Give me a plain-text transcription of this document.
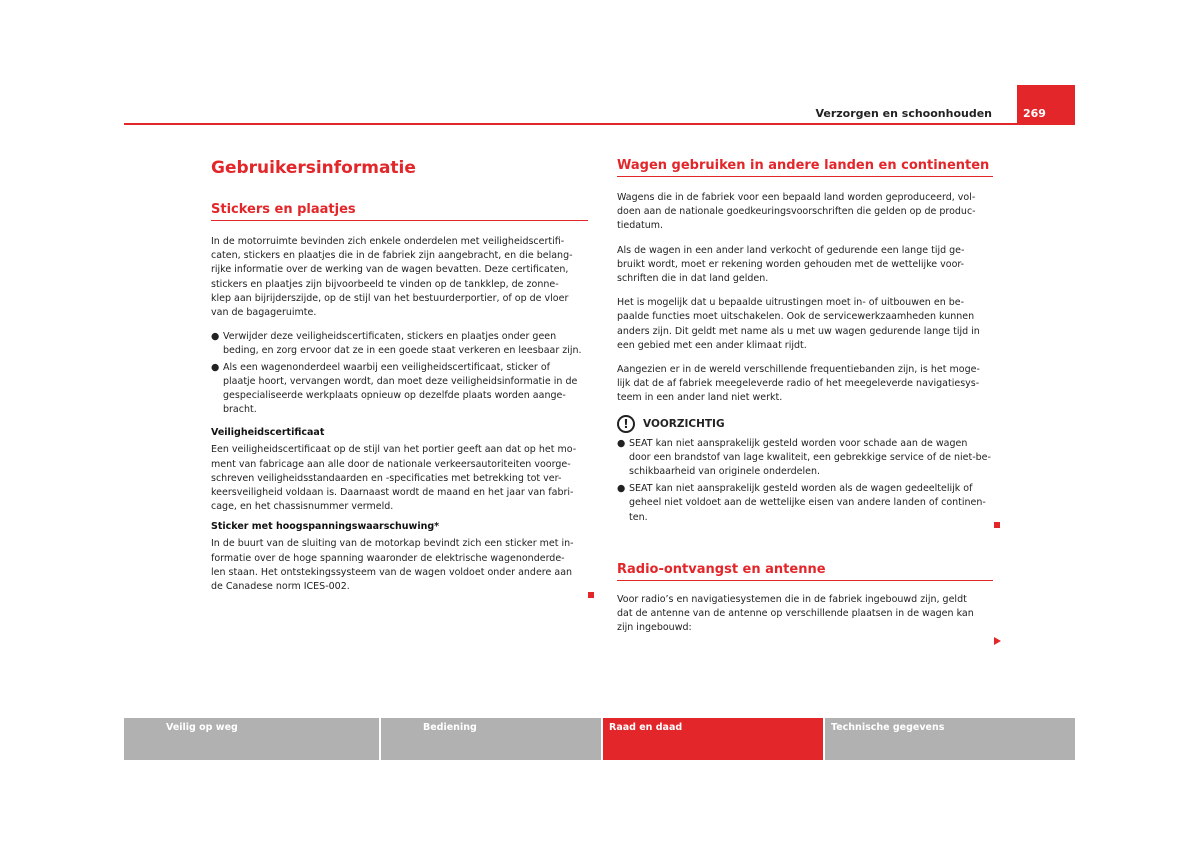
Verzorgen en schoonhouden	269
Gebruikersinformatie
Stickers en plaatjes

In de motorruimte bevinden zich enkele onderdelen met veiligheidscertifi-
caten, stickers en plaatjes die in de fabriek zijn aangebracht, en die belang-
rijke informatie over de werking van de wagen bevatten. Deze certificaten,
stickers en plaatjes zijn bijvoorbeeld te vinden op de tankklep, de zonne-
klep aan bijrijderszijde, op de stijl van het bestuurderportier, of op de vloer
van de bagageruimte.

● Verwijder deze veiligheidscertificaten, stickers en plaatjes onder geen
beding, en zorg ervoor dat ze in een goede staat verkeren en leesbaar zijn.

● Als een wagenonderdeel waarbij een veiligheidscertificaat, sticker of
plaatje hoort, vervangen wordt, dan moet deze veiligheidsinformatie in de
gespecialiseerde werkplaats opnieuw op dezelfde plaats worden aange-
bracht.

Veiligheidscertificaat

Een veiligheidscertificaat op de stijl van het portier geeft aan dat op het mo-
ment van fabricage aan alle door de nationale verkeersautoriteiten voorge-
schreven veiligheidsstandaarden en -specificaties met betrekking tot ver-
keersveiligheid voldaan is. Daarnaast wordt de maand en het jaar van fabri-
cage, en het chassisnummer vermeld.

Sticker met hoogspanningswaarschuwing*

In de buurt van de sluiting van de motorkap bevindt zich een sticker met in-
formatie over de hoge spanning waaronder de elektrische wagenonderde-
len staan. Het ontstekingssysteem van de wagen voldoet onder andere aan
de Canadese norm ICES-002.

Wagen gebruiken in andere landen en continenten

Wagens die in de fabriek voor een bepaald land worden geproduceerd, vol-
doen aan de nationale goedkeuringsvoorschriften die gelden op de produc-
tiedatum.

Als de wagen in een ander land verkocht of gedurende een lange tijd ge-
bruikt wordt, moet er rekening worden gehouden met de wettelijke voor-
schriften die in dat land gelden.

Het is mogelijk dat u bepaalde uitrustingen moet in- of uitbouwen en be-
paalde functies moet uitschakelen. Ook de servicewerkzaamheden kunnen
anders zijn. Dit geldt met name als u met uw wagen gedurende lange tijd in
een gebied met een ander klimaat rijdt.

Aangezien er in de wereld verschillende frequentiebanden zijn, is het moge-
lijk dat de af fabriek meegeleverde radio of het meegeleverde navigatiesys-
teem in een ander land niet werkt.

!	VOORZICHTIG

● SEAT kan niet aansprakelijk gesteld worden voor schade aan de wagen
door een brandstof van lage kwaliteit, een gebrekkige service of de niet-be-
schikbaarheid van originele onderdelen.

● SEAT kan niet aansprakelijk gesteld worden als de wagen gedeeltelijk of
geheel niet voldoet aan de wettelijke eisen van andere landen of continen-
ten.

Radio-ontvangst en antenne

Voor radio’s en navigatiesystemen die in de fabriek ingebouwd zijn, geldt
dat de antenne van de antenne op verschillende plaatsen in de wagen kan
zijn ingebouwd:

Veilig op weg	Bediening	Raad en daad	Technische gegevens
